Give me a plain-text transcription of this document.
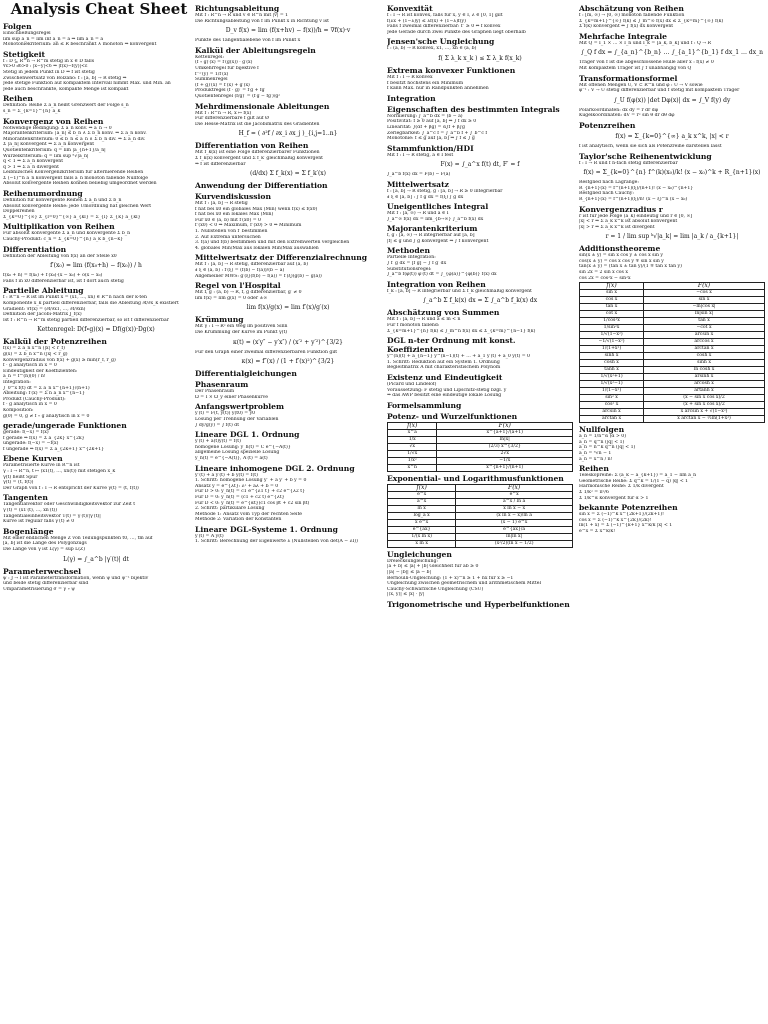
Analysis Cheat Sheet
Folgen
Einschließungsregel
lim sup a_n = lim inf a_n = a ⇒ lim a_n = a
Monotoniekriterium: an ≤ R beschränkt ∧ monoton ⇒ konvergent
Stetigkeit
f : D ⊆ R^n → R^m stetig in x ∈ D falls
∀ε>0 ∃δ>0 : |x−y|<δ ⇒ |f(x)−f(y)|<ε
Stetig in jedem Punkt in D ⇒ f ist stetig
Zwischenwertsatz von Bolzano: f : [a, b] → R stetig ⇒
Jede stetige Funktion auf kompaktem Intervall nimmt Max. und Min. an
Jede auch beschränkte, kompakte Menge ist kompakt
Reihen
Definition: Reihe Σ a_n heißt Grenzwert der Folge s_n
s_n = Σ_{k=1}^{n} a_k
Konvergenz von Reihen
Notwendige Bedingung: Σ a_n konv. ⇒ a_n → 0
Majorantenkriterium: |a_n| ≤ b_n ∧ Σ b_n konv. ⇒ Σ a_n konv.
Minorantenkriterium: 0 ≤ b_n ≤ a_n ∧ Σ b_n div. ⇒ Σ a_n div.
Σ |a_n| konvergent ⇒ Σ a_n konvergent
Quotientenkriterium: q = lim |a_{n+1}/a_n|
Wurzelkriterium: q = lim sup ⁿ√|a_n|
q < 1 ⇒ Σ a_n konvergent
q > 1 ⇒ Σ a_n divergent
Leibnizsches Konvergenzkriterium für alternierende Reihen
Σ (−1)^n a_n konvergent falls a_n monoton fallende Nullfolge
Absolut konvergente Reihen können beliebig umgeordnet werden
Reihenumordnung
Definition für konvergente Reihen Σ a_n und Σ b_n
Absolut konvergente Reihe: jede Umordnung hat gleichen Wert
Doppelreihen
Σ_{k=0}^{∞} Σ_{l=0}^{∞} a_{kl} = Σ_{l} Σ_{k} a_{kl}
Multiplikation von Reihen
Für absolut konvergente Σ a_n und konvergente Σ b_n
Cauchy-Produkt: c_n = Σ_{k=0}^{n} a_k b_{n−k}
Differentiation
Definition der Ableitung von f(x) an der Stelle x0
f′(x₀) = lim (f(x₀+h) − f(x₀)) / h
f(x₀ + h) = f(x₀) + f′(x₀)·(x − x₀) + o(x − x₀)
Falls f in x0 differenzierbar ist, ist f dort auch stetig
Partielle Ableitung
f : R^n → R ist im Punkt x = (x1, …, xn) ∈ R^n nach der k-ten
Komponente x_k partiell differenzierbar, falls die Ableitung ∂f/∂x_k existiert
Gradient: ∇f(x) = (∂f/∂x1, …, ∂f/∂xn)
Definition der Jacobi-Matrix J_f(x)
Ist f : R^n → R^m stetig partiell differenzierbar, so ist f differenzierbar
Kettenregel: D(f∘g)(x) = Df(g(x))·Dg(x)
Kalkül der Potenzreihen
f(x) = Σ a_n x^n (|x| < r_f)
g(x) = Σ b_n x^n (|x| < r_g)
Konvergenzradius von f(x) + g(x) ≥ min(r_f, r_g)
f · g analytisch in x = 0
Eindeutigkeit der Koeffizienten:
a_n = f^(n)(0) / n!
Integration:
∫_0^x f(t) dt = Σ a_n x^{n+1}/(n+1)
Ableitung: f′(x) = Σ n a_n x^{n−1}
Produkt (Cauchy-Produkt):
f · g analytisch in x = 0
Komposition:
g(0) = 0, g ≠ f ∘ g analytisch in x = 0
gerade/ungerade Funktionen
gerade: f(−x) = f(x)
f gerade ⇒ f(x) = Σ a_{2k} x^{2k}
ungerade: f(−x) = −f(x)
f ungerade ⇒ f(x) = Σ a_{2k+1} x^{2k+1}
Ebene Kurven
Parametrisierte Kurve in R^n ist
γ : I → R^n, t ↦ (x1(t), …, xn(t)) mit stetigen x_k
γ(t) heißt Spur
γ(t) = (t, f(t))
Der Graph von f : I → R entspricht der Kurve γ(t) = (t, f(t))
Tangenten
Tangentialvektor oder Geschwindigkeitsvektor zur Zeit t
γ′(t) = (x1′(t), …, xn′(t))
Tangentialeinheitsvektor T(t) = γ′(t)/|γ′(t)|
Kurve ist regulär falls γ′(t) ≠ 0
Bogenlänge
Mit einer endlichen Menge Z von Teilungspunkten t0, …, tm auf
[a, b] ist die Länge des Polygonzugs
Die Länge von γ ist L(γ) = sup L(Z)
L(γ) = ∫_a^b |γ′(t)| dt
Parameterwechsel
ψ : J → I ist Parametertransformation, wenn ψ und ψ⁻¹ bijektiv
und beide stetig differenzierbar sind
Umparametrisierung σ = γ ∘ ψ
Richtungsableitung
Mit f : R^n → R und v ∈ R^n mit |v| = 1
Die Richtungsableitung von f im Punkt x in Richtung v ist
D_v f(x) = lim (f(x+hv) − f(x))/h = ∇f(x)·v
Punkte des Tangentialebene von f im Punkt x
Kalkül der Ableitungsregeln
Kettenregel:
(f ∘ g)′(x) = f′(g(x)) · g′(x)
Umkehrregel für bijektive f
f⁻¹′(y) = 1/f′(x)
Summenregel
(f + g)′(x) = f′(x) + g′(x)
Produktregel (f · g)′ = f′g + fg′
Quotientenregel (f/g)′ = (f′g − fg′)/g²
Mehrdimensionale Ableitungen
Mit f : R^n → R, x ↦ f(x)
Für differenzierbare f gilt auf Ø
Die Hesse-Matrix ist die Jacobimatrix des Gradienten
H_f = ( ∂²f / ∂x_i ∂x_j )_{i,j=1..n}
Differentiation von Reihen
Mit f_k(x) ist eine Folge differenzierbarer Funktionen
Σ f_k(x) konvergent und Σ f_k′ gleichmäßig konvergent
⇒ f ist differenzierbar
(d/dx) Σ f_k(x) = Σ f_k′(x)
Anwendung der Differentiation
Kurvendiskussion
Mit f : [a, b] → R stetig
f hat bei x0 ein globales Max (Min) wenn f(x) ≤ f(x0)
f hat bei x0 ein lokales Max (Min)
Für x0 ∈ (a, b) mit f′(x0) = 0
f″(x0) < 0 ⇒ Maximum, f″(x0) > 0 ⇒ Minimum
1. Nullstellen von f′ bestimmen
2. Auf Extrema untersuchen
3. f(a) und f(b) bestimmen und mit den Extremwerten vergleichen
4. globales Min/Max aus lokalen Min/Max auswählen
Mittelwertsatz der Differenzialrechnung
Mit f : [a, b] → R stetig, differenzierbar auf (a, b)
∃ ξ ∈ (a, b) : f′(ξ) = (f(b) − f(a))/(b − a)
Allgemeiner MWS: g′(ξ)(f(b) − f(a)) = f′(ξ)(g(b) − g(a))
Regel von l'Hospital
Mit f, g : (a, b) → R, f, g differenzierbar, g′ ≠ 0
lim f(x) = lim g(x) = 0 oder ±∞
lim f(x)/g(x) = lim f′(x)/g′(x)
Krümmung
Mit γ : I → R² ein Weg im positiven Sinn
Die Krümmung der Kurve im Punkt γ(t)
κ(t) = (x′y″ − y′x″) / (x′² + y′²)^{3/2}
Für den Graph einer zweimal differenzierbaren Funktion gilt
κ(x) = f″(x) / (1 + f′(x)²)^{3/2}
Differentialgleichungen
Phasenraum
Der Phasenraum
Ω = I × Ω_y einer Phasenkurve
Anfangswertproblem
y′(t) = F(t, y(t)) y(t0) = y0
Lösung per Trennung der Variablen
∫ dy/g(y) = ∫ f(t) dt
Lineare DGL 1. Ordnung
y′(t) + a(t)y(t) = f(t)
homogene Lösung: y_h(t) = C e^{−A(t)}
allgemeine Lösung spezielle Lösung
y_h(t) = e^{−A(t)}, A′(t) = a(t)
Lineare inhomogene DGL 2. Ordnung
y″(t) + a y′(t) + b y(t) = f(t)
1. Schritt: homogene Lösung y″ + a y′ + b y = 0
Ansatz y = e^{λt}: λ² + aλ + b = 0
Für D > 0: y_h(t) = c1 e^{λ1 t} + c2 e^{λ2 t}
Für D = 0: y_h(t) = (c1 + c2 t) e^{λt}
Für D < 0: y_h(t) = e^{αt}(c1 cos βt + c2 sin βt)
2. Schritt: partikuläre Lösung
Methode 1: Ansatz vom Typ der rechten Seite
Methode 2: Variation der Konstanten
Lineare DGL-Systeme 1. Ordnung
y′(t) = A y(t)
1. Schritt: Berechnung der Eigenwerte λ (Nullstellen von det(A − λI))
Konvexität
f : I → R ist konvex, falls für x, y ∈ I, λ ∈ [0, 1] gilt
f(λx + (1−λ)y) ≤ λf(x) + (1−λ)f(y)
Falls f zweimal differenzierbar: f″ ≥ 0 ⇔ f konvex
Jede Gerade durch zwei Punkte des Graphen liegt oberhalb
Jensen'sche Ungleichung
f : (a, b) → R konvex, x1, …, xn ∈ (a, b)
f( Σ λ_k x_k ) ≤ Σ λ_k f(x_k)
Extrema konvexer Funktionen
Mit f : I → R konvex
f besitzt höchstens ein Minimum
f kann Max. nur in Randpunkten annehmen
Integration
Eigenschaften des bestimmten Integrals
Normierung: ∫_a^b dx = (b − a)
Positivität: f ≥ 0 auf [a, b] ⇒ ∫ f dx ≥ 0
Linearität: ∫(αf + βg) = α∫f + β∫g
Zerlegbarkeit: ∫_a^c f = ∫_a^b f + ∫_b^c f
Monotonie: f ≤ g auf [a, b] ⇒ ∫ f ≤ ∫ g
Stammfunktion/HDI
Mit f : I → R stetig, a ∈ I fest
F(x) = ∫_a^x f(t) dt, F′ = f
∫_a^b f(x) dx = F(b) − F(a)
Mittelwertsatz
f : [a, b] → R stetig, g : [a, b] → R ≥ 0 integrierbar
∃ ξ ∈ [a, b] : ∫ f g dx = f(ξ) ∫ g dx
Uneigentliches Integral
Mit f : [a, ∞) → R und a ∈ I
∫_a^∞ f(x) dx = lim_{b→∞} ∫_a^b f(x) dx
Majorantenkriterium
f, g : [a, ∞) → R integrierbar auf [a, b]
|f| ≤ g und ∫ g konvergent ⇒ ∫ f konvergent
Methoden
Partielle Integration:
∫ f′ g dx = [f g] − ∫ f g′ dx
Substitutionsregel:
∫_a^b f(φ(t)) φ′(t) dt = ∫_{φ(a)}^{φ(b)} f(x) dx
Integration von Reihen
f_k : [a, b] → R integrierbar und Σ f_k gleichmäßig konvergent
∫_a^b Σ f_k(x) dx = Σ ∫_a^b f_k(x) dx
Abschätzung von Summen
Mit f : [a, b] → R und a ≤ m < n
Für f monoton fallend:
Σ_{k=m+1}^{n} f(k) ≤ ∫_m^n f(x) dx ≤ Σ_{k=m}^{n−1} f(k)
DGL n-ter Ordnung mit konst. Koeffizienten
y^(n)(t) + a_{n−1} y^(n−1)(t) + … + a_1 y′(t) + a_0 y(t) = 0
1. Schritt: Reduktion auf ein System 1. Ordnung
Begleitmatrix A mit charakteristischem Polynom
Existenz und Eindeutigkeit
(Picard und Lindelöf)
Voraussetzung: F stetig und Lipschitz-stetig bzgl. y
⇒ das AWP besitzt eine eindeutige lokale Lösung
Formelsammlung
Potenz- und Wurzelfunktionen
f(x)	F(x)
x^a	x^{a+1}/(a+1)
1/x	ln|x|
√x	(2/3) x^{3/2}
1/√x	2√x
1/x²	−1/x
x^n	x^{n+1}/(n+1)
Exponential- und Logarithmusfunktionen
f(x)	F(x)
e^x	e^x
a^x	a^x / ln a
ln x	x ln x − x
log_a x	(x ln x − x)/ln a
x e^x	(x − 1) e^x
e^{ax}	e^{ax}/a
1/(x ln x)	ln|ln x|
x ln x	(x²/2)(ln x − 1/2)
Ungleichungen
Dreiecksungleichung:
|a + b| ≤ |a| + |b| Gleichheit für ab ≥ 0
||a| − |b|| ≤ |a − b|
Bernoulli-Ungleichung: (1 + x)^n ≥ 1 + nx für x ≥ −1
Ungleichung zwischen geometrischem und arithmetischem Mittel
Cauchy-Schwarzsche Ungleichung (CSU)
|⟨x, y⟩| ≤ |x| · |y|
Trigonometrische und Hyperbelfunktionen
Abschätzung von Reihen
f : [m, ∞) → [0, ∞) monoton fallende Funktion
Σ_{k=m+1}^{∞} f(k) ≤ ∫_m^∞ f(x) dx ≤ Σ_{k=m}^{∞} f(k)
Σ f(k) konvergent ⇔ ∫ f(x) dx konvergent
Mehrfache Integrale
Mit Q = I_1 × … × I_n und I_k = [a_k, b_k] und f : Q → R
∫_Q f dx = ∫_{a_n}^{b_n} … ∫_{a_1}^{b_1} f dx_1 … dx_n
Träger von f ist die abgeschlossene Hülle aller x : f(x) ≠ 0
Mit kompaktem Träger ist ∫ f unabhängig von Q
Transformationsformel
Mit offenen Mengen U, V ⊂ R^n und φ : U → V sowie
φ⁻¹ : V → U stetig differenzierbar und f stetig mit kompaktem Träger
∫_U f(φ(x)) |det Dφ(x)| dx = ∫_V f(y) dy
Polarkoordinaten: dx dy = r dr dφ
Kugelkoordinaten: dV = r² sin θ dr dθ dφ
Potenzreihen
f(x) = Σ_{k=0}^{∞} a_k x^k, |x| < r
f ist analytisch, wenn sie sich als Potenzreihe darstellen lässt
Taylor'sche Reihenentwicklung
f : I → R und f n-fach stetig differenzierbar
f(x) = Σ_{k=0}^{n} f^(k)(x₀)/k! (x − x₀)^k + R_{n+1}(x)
Restglied nach Lagrange:
R_{n+1}(x) = f^(n+1)(ξ)/(n+1)! (x − x₀)^{n+1}
Restglied nach Cauchy:
R_{n+1}(x) = f^(n+1)(ξ)/n! (x − ξ)^n (x − x₀)
Konvergenzradius r
r ist für jede Folge (a_k) eindeutig und r ∈ [0, ∞]
|x| < r ⇒ Σ a_k x^k ist absolut konvergent
|x| > r ⇒ Σ a_k x^k ist divergent
r = 1 / lim sup ᵏ√|a_k| = lim |a_k / a_{k+1}|
Additionstheoreme
sin(x ± y) = sin x cos y ± cos x sin y
cos(x ± y) = cos x cos y ∓ sin x sin y
tan(x ± y) = (tan x ± tan y)/(1 ∓ tan x tan y)
sin 2x = 2 sin x cos x
cos 2x = cos²x − sin²x
f(x)	F(x)
sin x	−cos x
cos x	sin x
tan x	−ln|cos x|
cot x	ln|sin x|
1/cos²x	tan x
1/sin²x	−cot x
1/√(1−x²)	arcsin x
−1/√(1−x²)	arccos x
1/(1+x²)	arctan x
sinh x	cosh x
cosh x	sinh x
tanh x	ln cosh x
1/√(x²+1)	arsinh x
1/√(x²−1)	arcosh x
1/(1−x²)	artanh x
sin² x	(x − sin x cos x)/2
cos² x	(x + sin x cos x)/2
arcsin x	x arcsin x + √(1−x²)
arctan x	x arctan x − ½ln(1+x²)
Nullfolgen
a_n = 1/n^α (α > 0)
a_n = q^n (|q| < 1)
a_n = n^k q^n (|q| < 1)
a_n = ⁿ√n − 1
a_n = x^n / n!
Reihen
Teleskopreihe: Σ (a_k − a_{k+1}) = a_1 − lim a_n
Geometrische Reihe: Σ q^k = 1/(1 − q) |q| < 1
Harmonische Reihe: Σ 1/k divergent
Σ 1/k² = π²/6
Σ 1/k^α konvergent für α > 1
bekannte Potenzreihen
sin x = Σ (−1)^k x^{2k+1}/(2k+1)!
cos x = Σ (−1)^k x^{2k}/(2k)!
ln(1 + x) = Σ (−1)^{k+1} x^k/k |x| < 1
e^x = Σ x^k/k!
